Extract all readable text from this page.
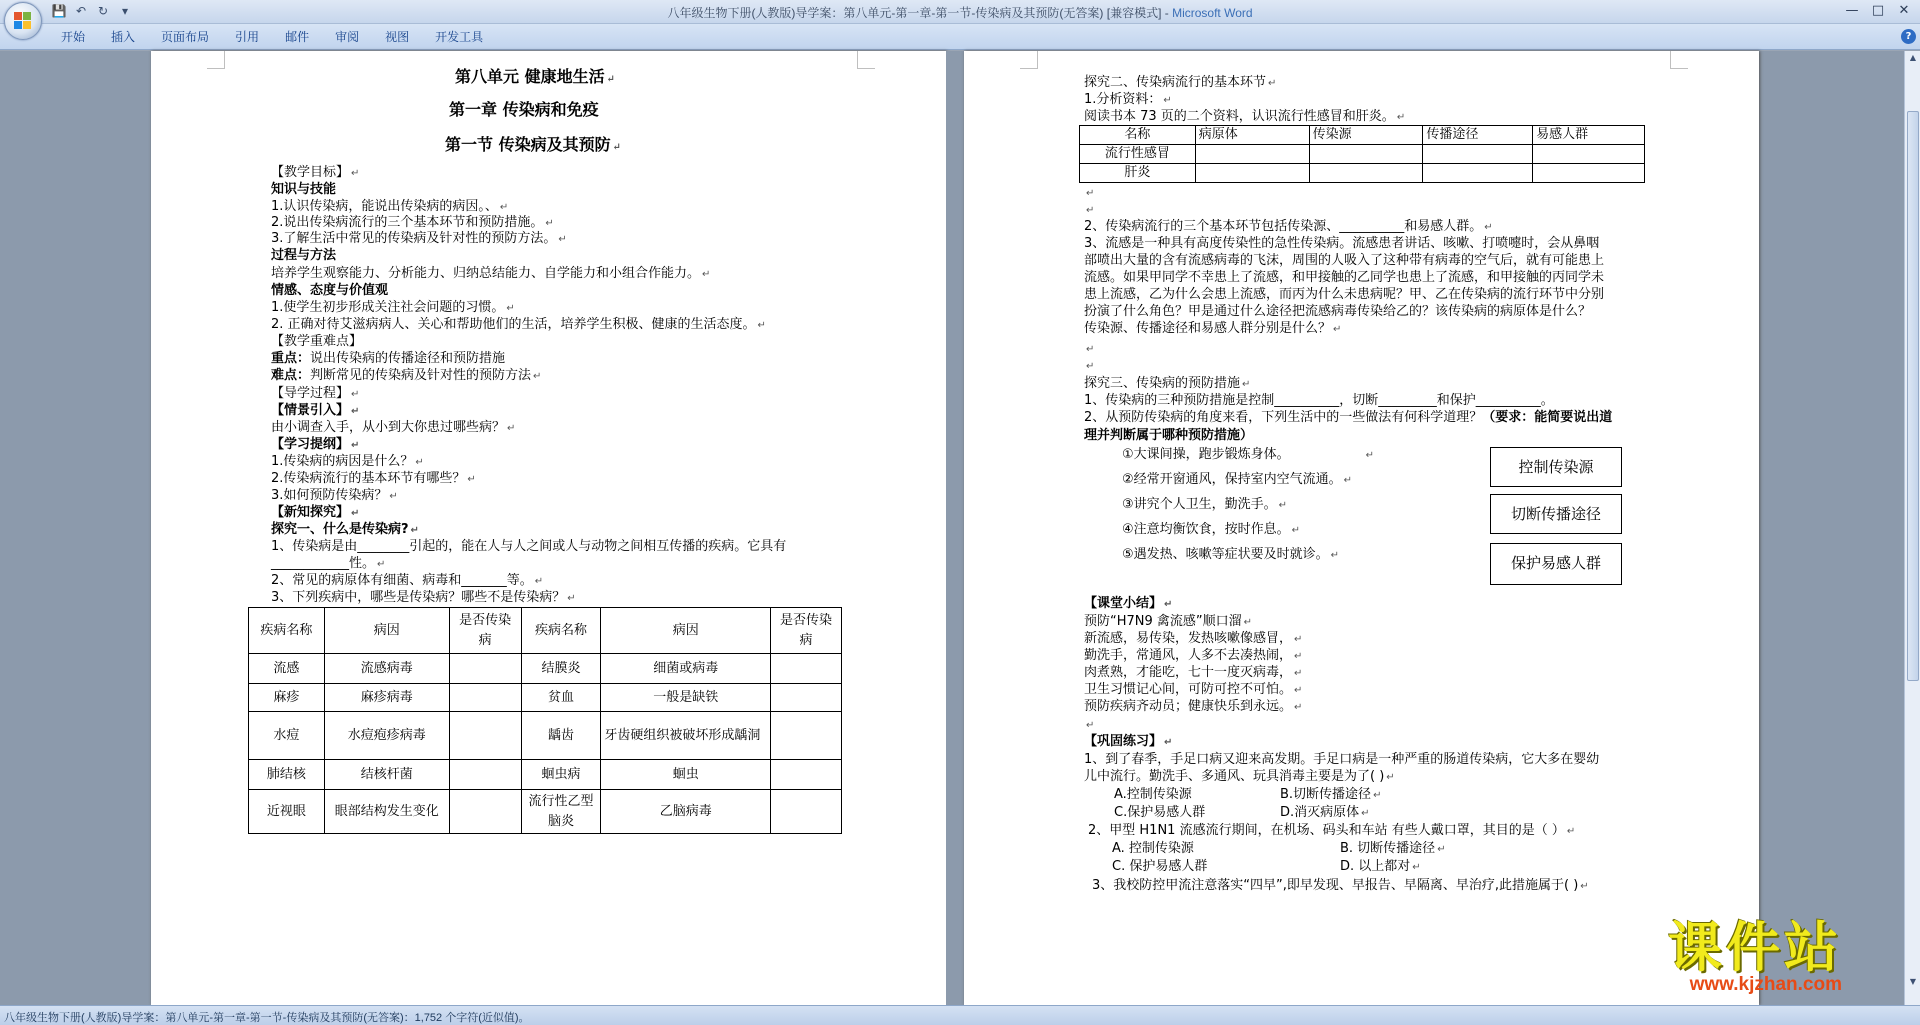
💾 ↶ ↻	▾	八年级生物下册(人教版)导学案：第八单元-第一章-第一节-传染病及其预防(无答案) [兼容模式] - Microsoft Word	—	□	✕
开始	插入	页面布局	引用	邮件	审阅	视图	开发工具	?
第八单元 健康地生活 ↵
第一章 传染病和免疫
第一节 传染病及其预防 ↵
【教学目标】 ↵
知识与技能
1.认识传染病，能说出传染病的病因。、 ↵
2.说出传染病流行的三个基本环节和预防措施。 ↵
3.了解生活中常见的传染病及针对性的预防方法。 ↵
过程与方法
培养学生观察能力、分析能力、归纳总结能力、自学能力和小组合作能力。 ↵
情感、态度与价值观
1.使学生初步形成关注社会问题的习惯。 ↵
2. 正确对待艾滋病病人、关心和帮助他们的生活，培养学生积极、健康的生活态度。 ↵
【教学重难点】
重点：说出传染病的传播途径和预防措施
难点：判断常见的传染病及针对性的预防方法 ↵
【导学过程】 ↵
【情景引入】 ↵
由小调查入手，从小到大你患过哪些病？ ↵
【学习提纲】 ↵
1.传染病的病因是什么？ ↵
2.传染病流行的基本环节有哪些？ ↵
3.如何预防传染病？ ↵
【新知探究】 ↵
探究一、什么是传染病? ↵
1、传染病是由________引起的，能在人与人之间或人与动物之间相互传播的疾病。它具有
____________性。 ↵
2、常见的病原体有细菌、病毒和_______等。 ↵
3、下列疾病中，哪些是传染病？哪些不是传染病？ ↵
疾病名称	病因	是否传染病	疾病名称	病因	是否传染病
流感	流感病毒		结膜炎	细菌或病毒	
麻疹	麻疹病毒		贫血	一般是缺铁	
水痘	水痘疱疹病毒		龋齿	牙齿硬组织被破坏形成龋洞	
肺结核	结核杆菌		蛔虫病	蛔虫	
近视眼	眼部结构发生变化		流行性乙型脑炎	乙脑病毒	
探究二、传染病流行的基本环节 ↵
1.分析资料： ↵
阅读书本 73 页的二个资料，认识流行性感冒和肝炎。 ↵
名称	病原体	传染源	传播途径	易感人群
流行性感冒				
肝炎				
↵
↵
2、传染病流行的三个基本环节包括传染源、__________和易感人群。 ↵
3、流感是一种具有高度传染性的急性传染病。流感患者讲话、咳嗽、打喷嚏时，会从鼻咽
部喷出大量的含有流感病毒的飞沫，周围的人吸入了这种带有病毒的空气后，就有可能患上
流感。如果甲同学不幸患上了流感，和甲接触的乙同学也患上了流感，和甲接触的丙同学未
患上流感，乙为什么会患上流感，而丙为什么未患病呢？甲、乙在传染病的流行环节中分别
扮演了什么角色？甲是通过什么途径把流感病毒传染给乙的？该传染病的病原体是什么？
传染源、传播途径和易感人群分别是什么？ ↵
↵
↵
探究三、传染病的预防措施 ↵
1、传染病的三种预防措施是控制__________，切断_________和保护__________。
2、从预防传染病的角度来看，下列生活中的一些做法有何科学道理？（要求：能简要说出道
理并判断属于哪种预防措施）
①大课间操，跑步锻炼身体。	↵
②经常开窗通风，保持室内空气流通。 ↵
③讲究个人卫生，勤洗手。 ↵
④注意均衡饮食，按时作息。 ↵
⑤遇发热、咳嗽等症状要及时就诊。 ↵
控制传染源
切断传播途径
保护易感人群
【课堂小结】 ↵
预防“H7N9 禽流感”顺口溜 ↵
新流感，易传染，发热咳嗽像感冒， ↵
勤洗手，常通风，人多不去凑热闹， ↵
肉煮熟，才能吃，七十一度灭病毒， ↵
卫生习惯记心间，可防可控不可怕。 ↵
预防疾病齐动员；健康快乐到永远。 ↵
↵
【巩固练习】 ↵
1、到了春季，手足口病又迎来高发期。手足口病是一种严重的肠道传染病，它大多在婴幼
儿中流行。勤洗手、多通风、玩具消毒主要是为了( ) ↵
A.控制传染源	B.切断传播途径 ↵
C.保护易感人群	D.消灭病原体 ↵
2、甲型 H1N1 流感流行期间，在机场、码头和车站 有些人戴口罩，其目的是（ ） ↵
A. 控制传染源	B. 切断传播途径 ↵
C. 保护易感人群	D. 以上都对 ↵
3、我校防控甲流注意落实“四早”,即早发现、早报告、早隔离、早治疗,此措施属于( ) ↵
▲
▼
八年级生物下册(人教版)导学案：第八单元-第一章-第一节-传染病及其预防(无答案)：1,752 个字符(近似值)。
课件站
www.kjzhan.com
